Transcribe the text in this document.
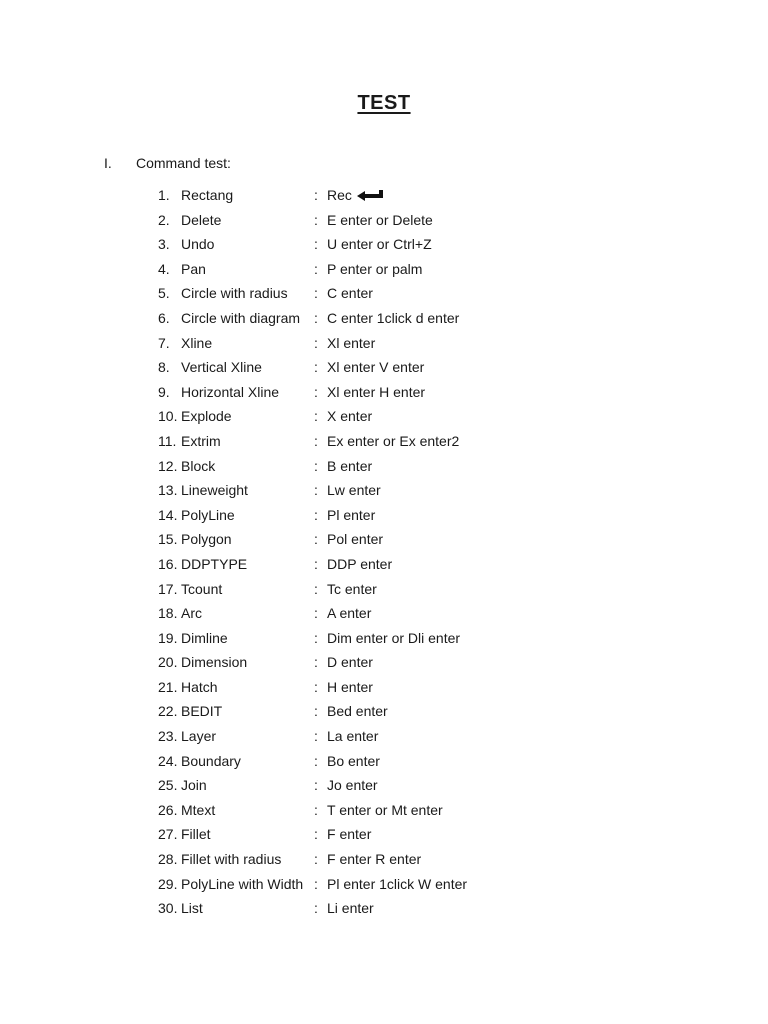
TEST
I. Command test:
1. Rectang	: Rec
2. Delete	: E enter or Delete
3. Undo	: U enter or Ctrl+Z
4. Pan	: P enter or palm
5. Circle with radius : C enter
6. Circle with diagram : C enter 1click d enter
7. Xline	: Xl enter
8. Vertical Xline	: Xl enter V enter
9. Horizontal Xline : Xl enter H enter
10. Explode	: X enter
11. Extrim	: Ex enter or Ex enter2
12. Block	: B enter
13. Lineweight	: Lw enter
14. PolyLine	: Pl enter
15. Polygon	: Pol enter
16. DDPTYPE	: DDP enter
17. Tcount	: Tc enter
18. Arc	: A enter
19. Dimline	: Dim enter or Dli enter
20. Dimension	: D enter
21. Hatch	: H enter
22. BEDIT	: Bed enter
23. Layer	: La enter
24. Boundary	: Bo enter
25. Join	: Jo enter
26. Mtext	: T enter or Mt enter
27. Fillet	: F enter
28. Fillet with radius : F enter R enter
29. PolyLine with Width : Pl enter 1click W enter
30. List	: Li enter
